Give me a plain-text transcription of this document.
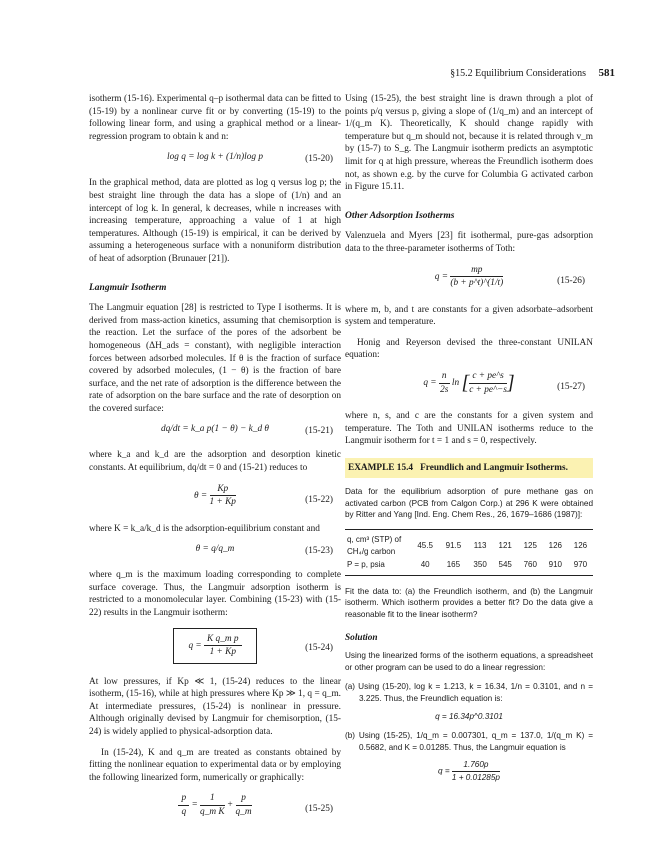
§15.2 Equilibrium Considerations 581

isotherm (15-16). Experimental q–p isothermal data can be fitted to (15-19) by a nonlinear curve fit or by converting (15-19) to the following linear form, and using a graphical method or a linear-regression program to obtain k and n:

log q = log k + (1/n)log p	(15-20)

In the graphical method, data are plotted as log q versus log p; the best straight line through the data has a slope of (1/n) and an intercept of log k. In general, k decreases, while n increases with increasing temperature, approaching a value of 1 at high temperatures. Although (15-19) is empirical, it can be derived by assuming a heterogeneous surface with a nonuniform distribution of heat of adsorption (Brunauer [21]).

Langmuir Isotherm

The Langmuir equation [28] is restricted to Type I isotherms. It is derived from mass-action kinetics, assuming that chemisorption is the reaction. Let the surface of the pores of the adsorbent be homogeneous (ΔH_ads = constant), with negligible interaction forces between adsorbed molecules. If θ is the fraction of surface covered by adsorbed molecules, (1 − θ) is the fraction of bare surface, and the net rate of adsorption is the difference between the rate of adsorption on the bare surface and the rate of desorption on the covered surface:

dq/dt = k_a p(1 − θ) − k_d θ	(15-21)

where k_a and k_d are the adsorption and desorption kinetic constants. At equilibrium, dq/dt = 0 and (15-21) reduces to

$\theta = \frac{Kp}{1 + Kp}$	(15-22)

where K = k_a/k_d is the adsorption-equilibrium constant and

θ = q/q_m	(15-23)

where q_m is the maximum loading corresponding to complete surface coverage. Thus, the Langmuir adsorption isotherm is restricted to a monomolecular layer. Combining (15-23) with (15-22) results in the Langmuir isotherm:

$q = \frac{\text{K q\_m p}}{1 + Kp}$	(15-24)

At low pressures, if Kp ≪ 1, (15-24) reduces to the linear isotherm, (15-16), while at high pressures where Kp ≫ 1, q = q_m. At intermediate pressures, (15-24) is nonlinear in pressure. Although originally devised by Langmuir for chemisorption, (15-24) is widely applied to physical-adsorption data.

In (15-24), K and q_m are treated as constants obtained by fitting the nonlinear equation to experimental data or by employing the following linearized form, numerically or graphically:

$\frac{p}{q} = \frac{1}{\text{q\_m K}} + \frac{p}{q\_m}$	(15-25)

Using (15-25), the best straight line is drawn through a plot of points p/q versus p, giving a slope of (1/q_m) and an intercept of 1/(q_m K). Theoretically, K should change rapidly with temperature but q_m should not, because it is related through v_m by (15-7) to S_g. The Langmuir isotherm predicts an asymptotic limit for q at high pressure, whereas the Freundlich isotherm does not, as shown e.g. by the curve for Columbia G activated carbon in Figure 15.11.

Other Adsorption Isotherms

Valenzuela and Myers [23] fit isothermal, pure-gas adsorption data to the three-parameter isotherms of Toth:

$q = \frac{mp}{(b + p\^{}t)\^{}(1/t)}$	(15-26)

where m, b, and t are constants for a given adsorbate–adsorbent system and temperature.

Honig and Reyerson devised the three-constant UNILAN equation:

$q = \frac{n}{2s}$ ln [ $\frac{c + pe\^{}s}{c + pe\^{}-s}$ ]	(15-27)

where n, s, and c are the constants for a given system and temperature. The Toth and UNILAN isotherms reduce to the Langmuir isotherm for t = 1 and s = 0, respectively.

EXAMPLE 15.4 Freundlich and Langmuir Isotherms.

Data for the equilibrium adsorption of pure methane gas on activated carbon (PCB from Calgon Corp.) at 296 K were obtained by Ritter and Yang [Ind. Eng. Chem Res., 26, 1679–1686 (1987)]:

q, cm³ (STP) of CH₄/g carbon	45.5	91.5	113	121	125	126	126
P = p, psia	40	165	350	545	760	910	970

Fit the data to: (a) the Freundlich isotherm, and (b) the Langmuir isotherm. Which isotherm provides a better fit? Do the data give a reasonable fit to the linear isotherm?

Solution

Using the linearized forms of the isotherm equations, a spreadsheet or other program can be used to do a linear regression:

(a) Using (15-20), log k = 1.213, k = 16.34, 1/n = 0.3101, and n = 3.225. Thus, the Freundlich equation is:
q = 16.34p^0.3101
(b) Using (15-25), 1/q_m = 0.007301, q_m = 137.0, 1/(q_m K) = 0.5682, and K = 0.01285. Thus, the Langmuir equation is
$q = \frac{1.760p}{1 + 0.01285p}$
